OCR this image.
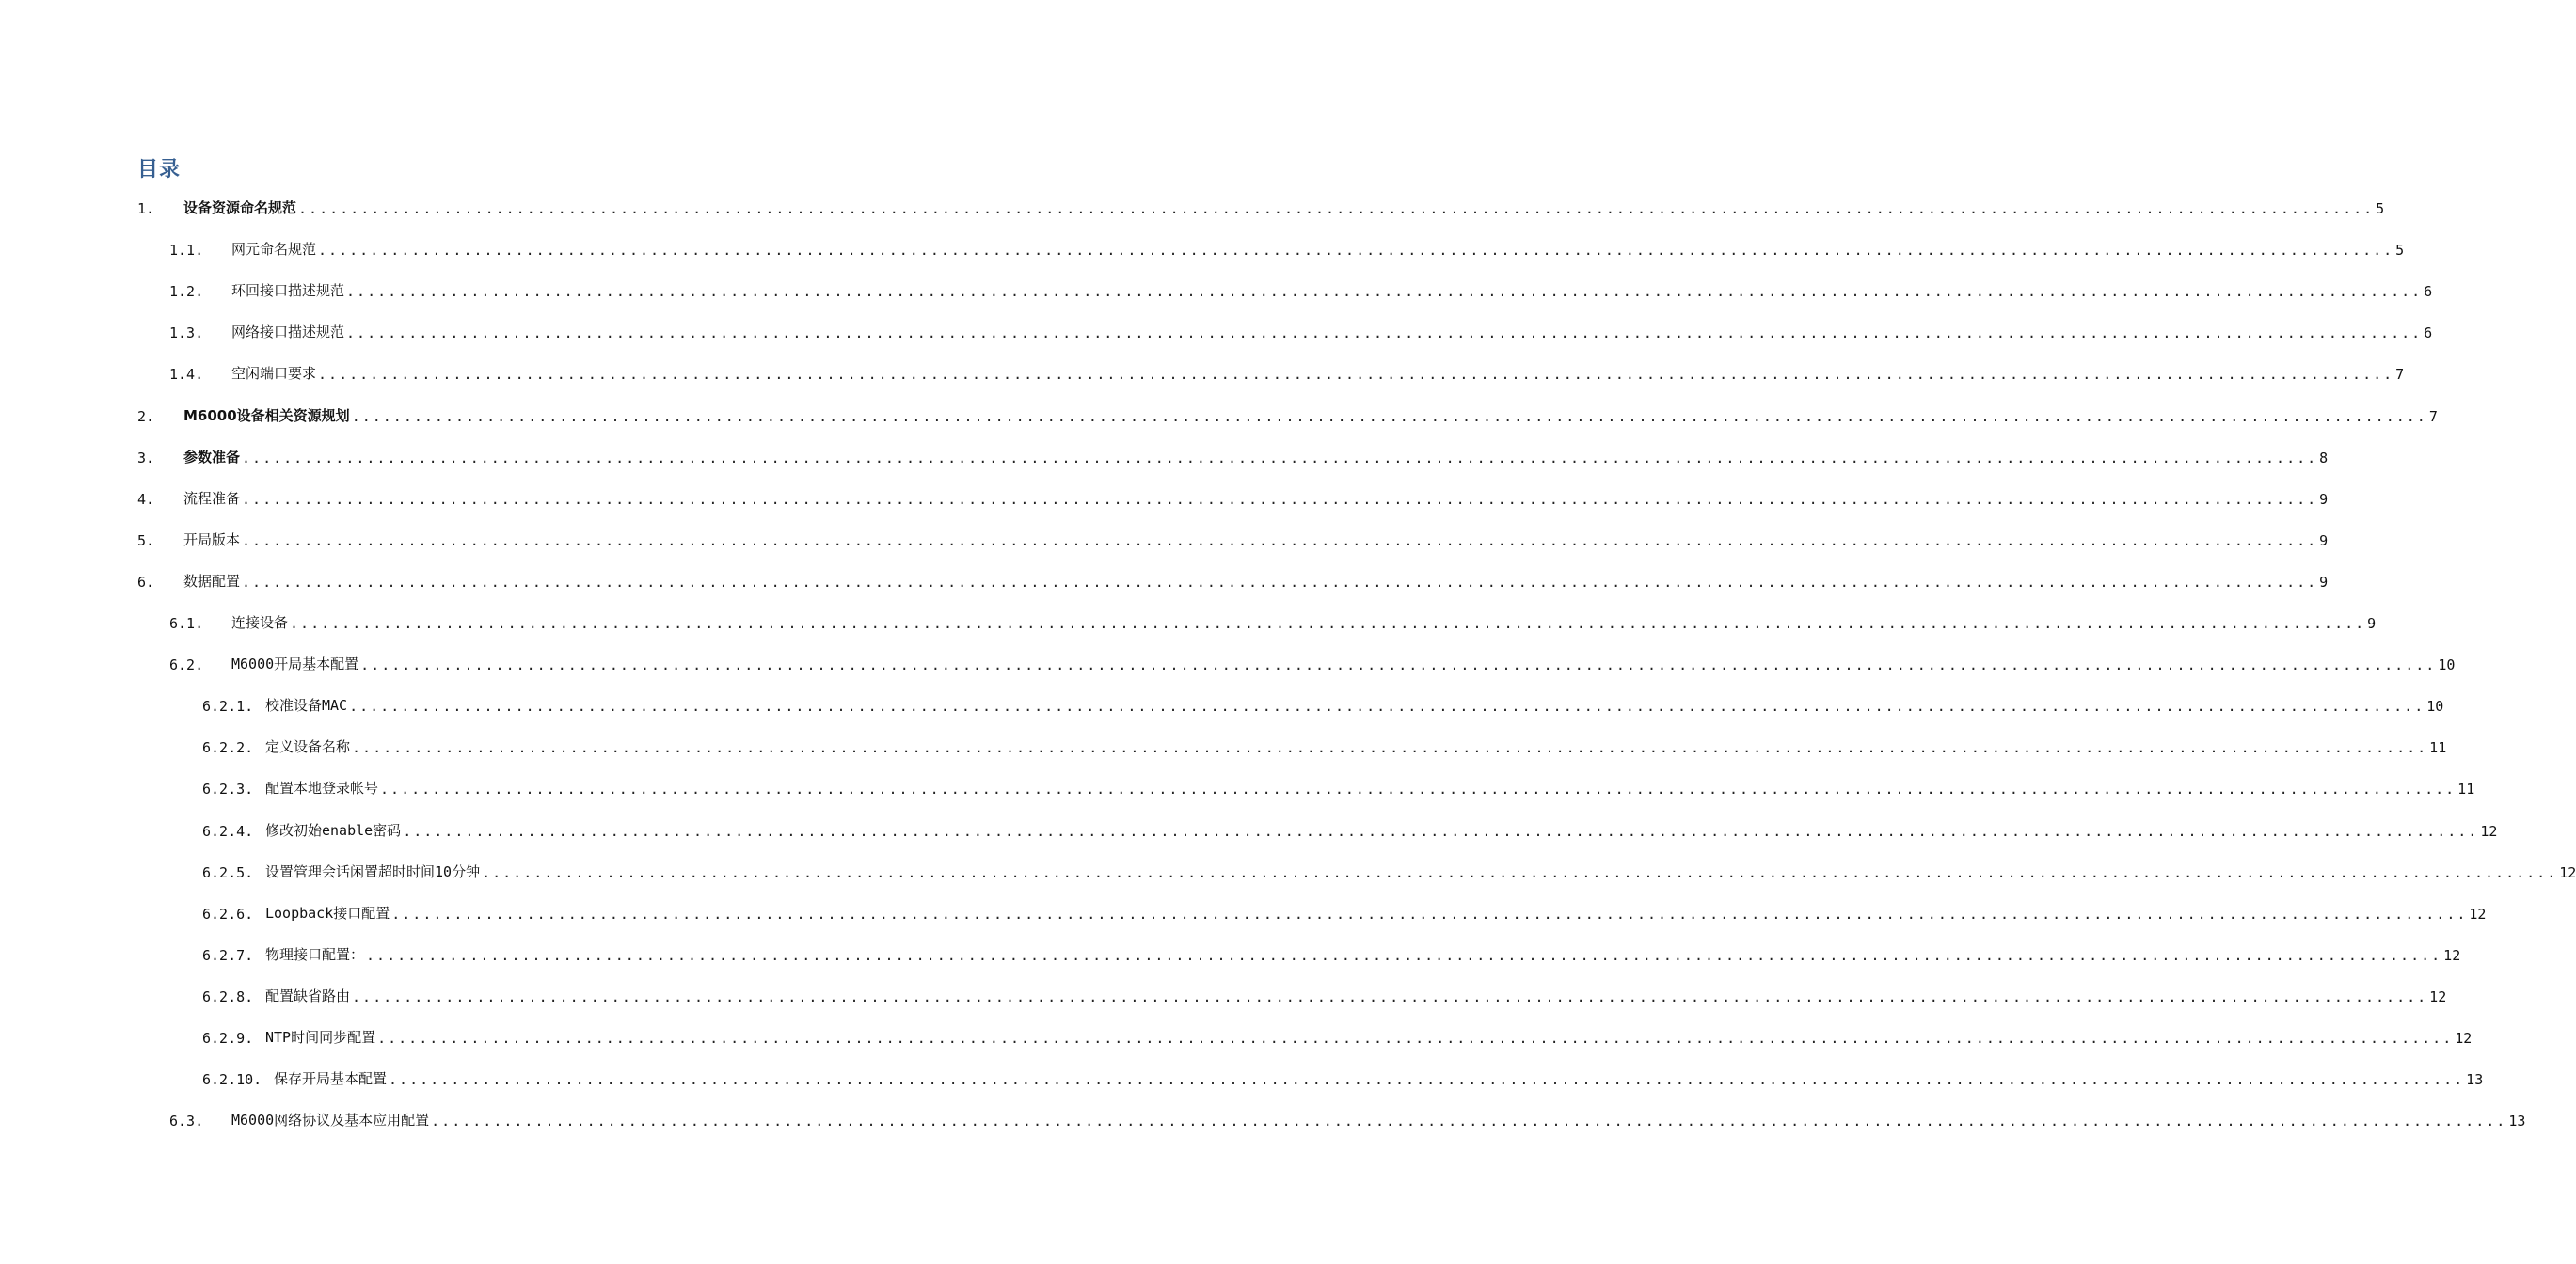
目录
1.	设备资源命名规范 ........................................................................................................................................................................................................ 5
1.1.	网元命名规范 ........................................................................................................................................................................................................ 5
1.2.	环回接口描述规范 ........................................................................................................................................................................................................ 6
1.3.	网络接口描述规范 ........................................................................................................................................................................................................ 6
1.4.	空闲端口要求 ........................................................................................................................................................................................................ 7
2.	M6000设备相关资源规划 ........................................................................................................................................................................................................ 7
3.	参数准备 ........................................................................................................................................................................................................ 8
4.	流程准备 ........................................................................................................................................................................................................ 9
5.	开局版本 ........................................................................................................................................................................................................ 9
6.	数据配置 ........................................................................................................................................................................................................ 9
6.1.	连接设备 ........................................................................................................................................................................................................ 9
6.2.	M6000开局基本配置 ........................................................................................................................................................................................................ 10
6.2.1. 校准设备MAC ........................................................................................................................................................................................................ 10
6.2.2. 定义设备名称 ........................................................................................................................................................................................................ 11
6.2.3. 配置本地登录帐号 ........................................................................................................................................................................................................ 11
6.2.4. 修改初始enable密码 ........................................................................................................................................................................................................ 12
6.2.5. 设置管理会话闲置超时时间10分钟 ........................................................................................................................................................................................................ 12
6.2.6. Loopback接口配置 ........................................................................................................................................................................................................ 12
6.2.7. 物理接口配置： ........................................................................................................................................................................................................ 12
6.2.8. 配置缺省路由 ........................................................................................................................................................................................................ 12
6.2.9. NTP时间同步配置 ........................................................................................................................................................................................................ 12
6.2.10. 保存开局基本配置 ........................................................................................................................................................................................................ 13
6.3.	M6000网络协议及基本应用配置 ........................................................................................................................................................................................................ 13
